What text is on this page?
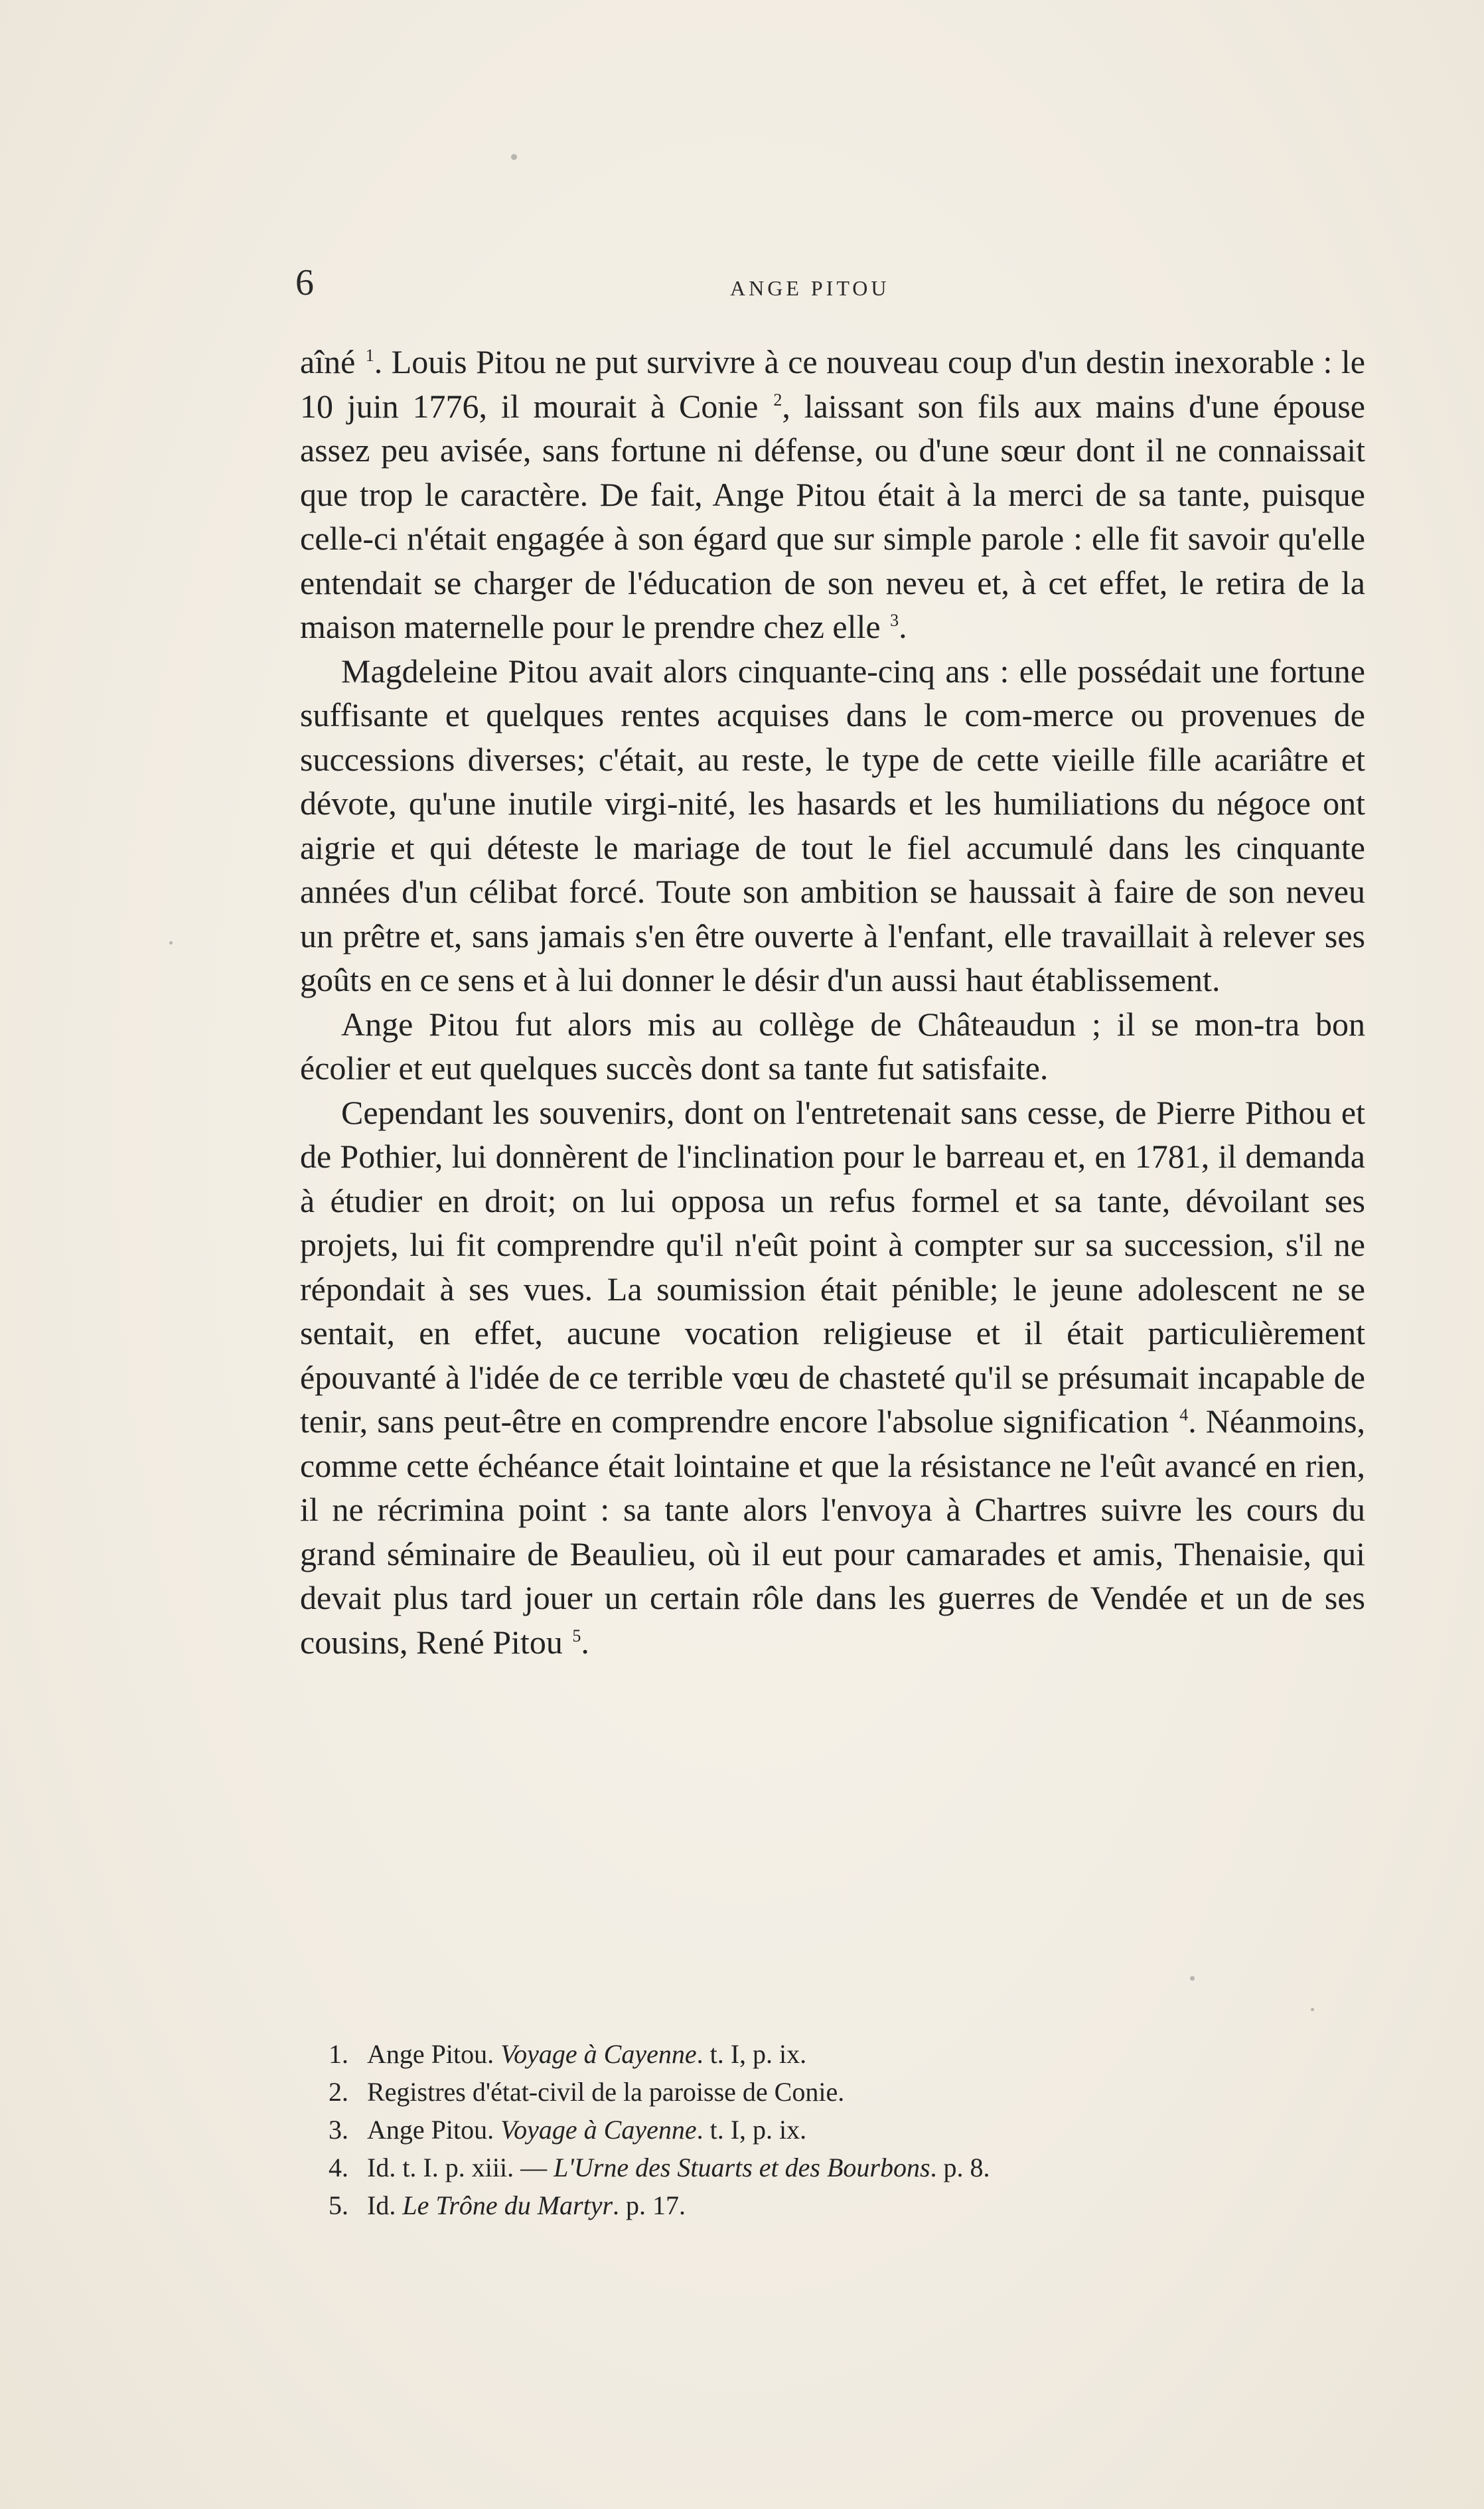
6	ANGE PITOU

aîné $^1$. Louis Pitou ne put survivre à ce nouveau coup d'un destin inexorable : le 10 juin 1776, il mourait à Conie $^2$, laissant son fils aux mains d'une épouse assez peu avisée, sans fortune ni défense, ou d'une sœur dont il ne connaissait que trop le caractère. De fait, Ange Pitou était à la merci de sa tante, puisque celle-ci n'était engagée à son égard que sur simple parole : elle fit savoir qu'elle entendait se charger de l'éducation de son neveu et, à cet effet, le retira de la maison maternelle pour le prendre chez elle $^3$.

Magdeleine Pitou avait alors cinquante-cinq ans : elle possédait une fortune suffisante et quelques rentes acquises dans le com-merce ou provenues de successions diverses; c'était, au reste, le type de cette vieille fille acariâtre et dévote, qu'une inutile virgi-nité, les hasards et les humiliations du négoce ont aigrie et qui déteste le mariage de tout le fiel accumulé dans les cinquante années d'un célibat forcé. Toute son ambition se haussait à faire de son neveu un prêtre et, sans jamais s'en être ouverte à l'enfant, elle travaillait à relever ses goûts en ce sens et à lui donner le désir d'un aussi haut établissement.

Ange Pitou fut alors mis au collège de Châteaudun ; il se mon-tra bon écolier et eut quelques succès dont sa tante fut satisfaite.

Cependant les souvenirs, dont on l'entretenait sans cesse, de Pierre Pithou et de Pothier, lui donnèrent de l'inclination pour le barreau et, en 1781, il demanda à étudier en droit; on lui opposa un refus formel et sa tante, dévoilant ses projets, lui fit comprendre qu'il n'eût point à compter sur sa succession, s'il ne répondait à ses vues. La soumission était pénible; le jeune adolescent ne se sentait, en effet, aucune vocation religieuse et il était particulièrement épouvanté à l'idée de ce terrible vœu de chasteté qu'il se présumait incapable de tenir, sans peut-être en comprendre encore l'absolue signification $^4$. Néanmoins, comme cette échéance était lointaine et que la résistance ne l'eût avancé en rien, il ne récrimina point : sa tante alors l'envoya à Chartres suivre les cours du grand séminaire de Beaulieu, où il eut pour camarades et amis, Thenaisie, qui devait plus tard jouer un certain rôle dans les guerres de Vendée et un de ses cousins, René Pitou $^5$.

1. Ange Pitou. Voyage à Cayenne. t. I, p. ix.
2. Registres d'état-civil de la paroisse de Conie.
3. Ange Pitou. Voyage à Cayenne. t. I, p. ix.
4. Id. t. I. p. xiii. — L'Urne des Stuarts et des Bourbons. p. 8.
5. Id. Le Trône du Martyr. p. 17.
